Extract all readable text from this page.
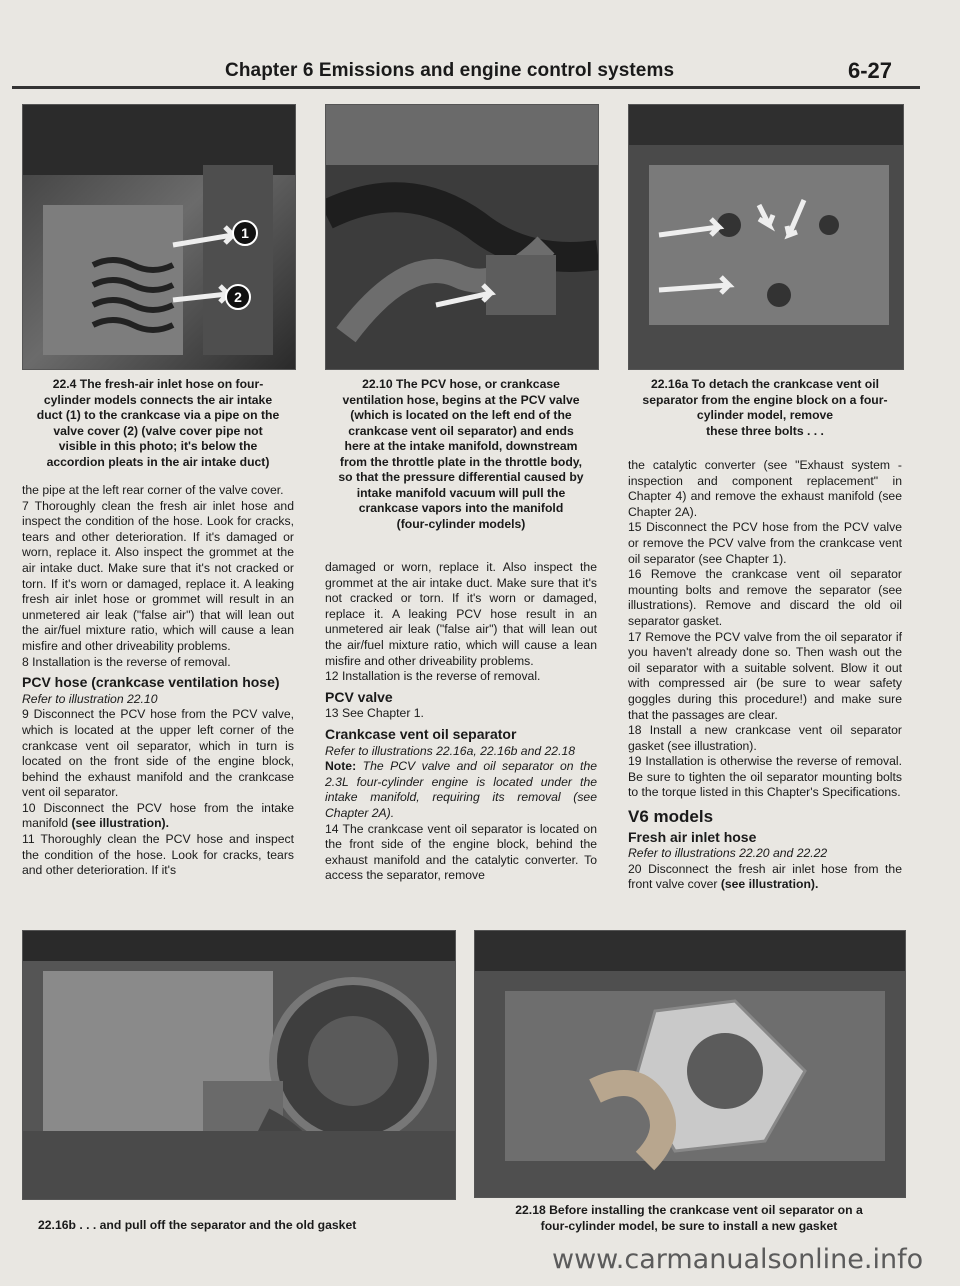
Chapter 6 Emissions and engine control systems	6-27
1
2
22.4 The fresh-air inlet hose on four-
cylinder models connects the air intake
duct (1) to the crankcase via a pipe on the
valve cover (2) (valve cover pipe not
visible in this photo; it's below the
accordion pleats in the air intake duct)
22.10 The PCV hose, or crankcase
ventilation hose, begins at the PCV valve
(which is located on the left end of the
crankcase vent oil separator) and ends
here at the intake manifold, downstream
from the throttle plate in the throttle body,
so that the pressure differential caused by
intake manifold vacuum will pull the
crankcase vapors into the manifold
(four-cylinder models)
22.16a To detach the crankcase vent oil
separator from the engine block on a four-
cylinder model, remove
these three bolts . . .

the pipe at the left rear corner of the valve cover.

7 Thoroughly clean the fresh air inlet hose and inspect the condition of the hose. Look for cracks, tears and other deterioration. If it's damaged or worn, replace it. Also inspect the grommet at the air intake duct. Make sure that it's not cracked or torn. If it's worn or damaged, replace it. A leaking fresh air inlet hose or grommet will result in an unmetered air leak ("false air") that will lean out the air/fuel mixture ratio, which will cause a lean misfire and other driveability problems.

8 Installation is the reverse of removal.

PCV hose (crankcase ventilation hose)

Refer to illustration 22.10

9 Disconnect the PCV hose from the PCV valve, which is located at the upper left corner of the crankcase vent oil separator, which in turn is located on the front side of the engine block, behind the exhaust manifold and the crankcase vent oil separator.

10 Disconnect the PCV hose from the intake manifold (see illustration).

11 Thoroughly clean the PCV hose and inspect the condition of the hose. Look for cracks, tears and other deterioration. If it's

damaged or worn, replace it. Also inspect the grommet at the air intake duct. Make sure that it's not cracked or torn. If it's worn or damaged, replace it. A leaking PCV hose result in an unmetered air leak ("false air") that will lean out the air/fuel mixture ratio, which will cause a lean misfire and other driveability problems.

12 Installation is the reverse of removal.

PCV valve

13 See Chapter 1.

Crankcase vent oil separator

Refer to illustrations 22.16a, 22.16b and 22.18

Note: The PCV valve and oil separator on the 2.3L four-cylinder engine is located under the intake manifold, requiring its removal (see Chapter 2A).

14 The crankcase vent oil separator is located on the front side of the engine block, behind the exhaust manifold and the catalytic converter. To access the separator, remove

the catalytic converter (see "Exhaust system - inspection and component replacement" in Chapter 4) and remove the exhaust manifold (see Chapter 2A).

15 Disconnect the PCV hose from the PCV valve or remove the PCV valve from the crankcase vent oil separator (see Chapter 1).

16 Remove the crankcase vent oil separator mounting bolts and remove the separator (see illustrations). Remove and discard the old oil separator gasket.

17 Remove the PCV valve from the oil separator if you haven't already done so. Then wash out the oil separator with a suitable solvent. Blow it out with compressed air (be sure to wear safety goggles during this procedure!) and make sure that the passages are clear.

18 Install a new crankcase vent oil separator gasket (see illustration).

19 Installation is otherwise the reverse of removal. Be sure to tighten the oil separator mounting bolts to the torque listed in this Chapter's Specifications.

V6 models

Fresh air inlet hose

Refer to illustrations 22.20 and 22.22

20 Disconnect the fresh air inlet hose from the front valve cover (see illustration).

22.16b . . . and pull off the separator and the old gasket
22.18 Before installing the crankcase vent oil separator on a
four-cylinder model, be sure to install a new gasket
www.carmanualsonline.info
